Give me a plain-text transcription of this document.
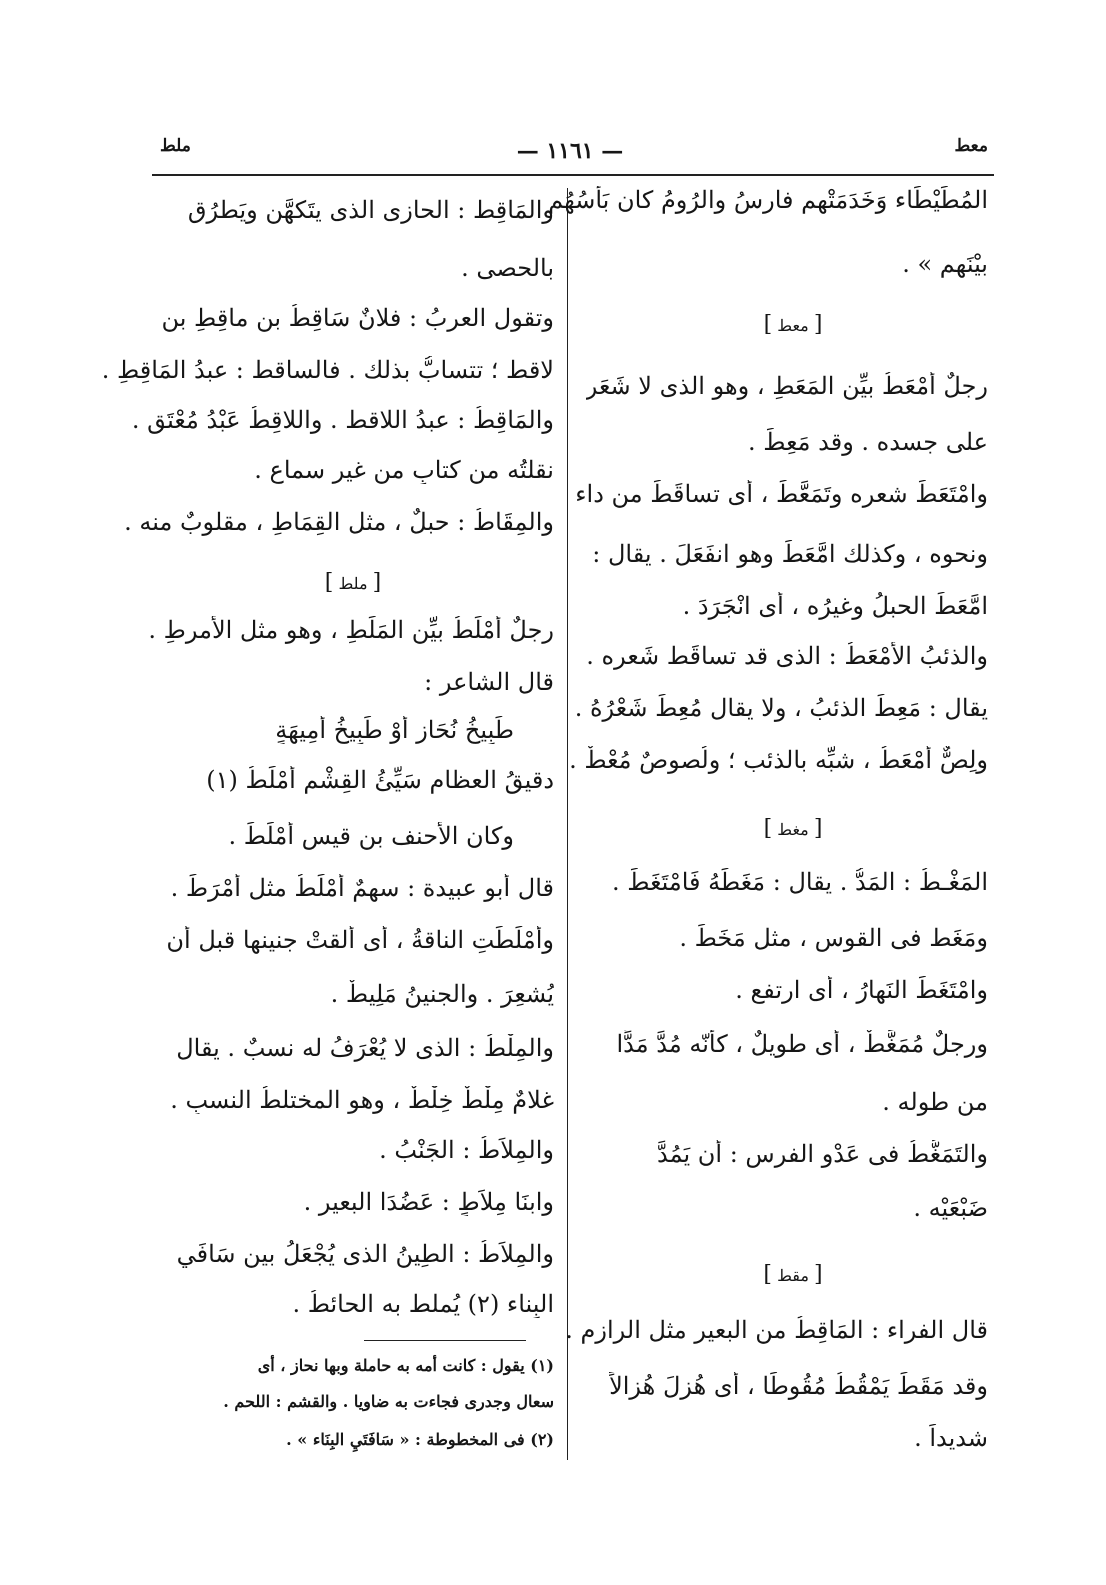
معط
— ١١٦١ —
ملط
المُطَيْطَاء وَخَدَمَتْهم فارسُ والرُومُ كان بَأْسُهُم
بيْنَهم » .
[ معط ]
رجلٌ أَمْعَطُ بيِّن المَعَطِ ، وهو الذى لا شَعَر
على جسده . وقد مَعِطَ .
وامْتَعَطَ شعره وتَمَعَّطَ ، أى تساقَطَ من داء
ونحوه ، وكذلك امَّعَطَ وهو انفَعَلَ . يقال :
امَّعَطَ الحبلُ وغيرُه ، أى انْجَرَدَ .
والذئبُ الأَمْعَطُ : الذى قد تساقَط شَعره .
يقال : مَعِطَ الذئبُ ، ولا يقال مُعِطَ شَعْرُهُ .
ولِصٌّ أَمْعَطُ ، شبِّه بالذئب ؛ ولُصوصٌ مُعْطٌ .
[ مغط ]
المَغْـطُ : المَدُّ . يقال : مَغَطَهُ فَامْتَغَطَ .
ومَغَط فى القوس ، مثل مَخَطَ .
وامْتَغَطَ النَهارُ ، أى ارتفع .
ورجلٌ مُمَغَّطٌ ، أى طويلٌ ، كأنّه مُدَّ مَدًّا
من طوله .
والتَمَغُّطُ فى عَدْوِ الفرسِ : أن يَمُدَّ
ضَبْعَيْه .
[ مقط ]
قال الفراء : المَاقِطُ من البعير مثل الرازم .
وقد مَقَطَ يَمْقُطُ مُقُوطًا ، أى هُزِلَ هُزالاً
شديداً .
والمَاقِط : الحازى الذى يتَكهَّن ويَطرُق
بالحصى .
وتقول العربُ : فلانٌ سَاقِطُ بن ماقِطِ بن
لاقط ؛ تتسابُّ بذلك . فالساقط : عبدُ المَاقِطِ .
والمَاقِطُ : عبدُ اللاقط . واللاقِطُ عَبْدُ مُعْتَقٍ .
نقلتُه من كتابٍ من غير سماعٍ .
والمِقَاطُ : حبلٌ ، مثل القِمَاطِ ، مقلوبٌ منه .
[ ملط ]
رجلٌ أَمْلَطُ بيِّن المَلَطِ ، وهو مثل الأمرطِ .
قال الشاعر :
طَبِيخُ نُحَازٍ أَوْ طَبِيخُ أَمِيهَةٍ
دقيقُ العظامِ سَيِّئُ القِشْمِ أَمْلَطُ (١)
وكان الأحنف بن قيس أَمْلَطَ .
قال أبو عبيدة : سهمٌ أَمْلَطُ مثل أَمْرَطَ .
وأَمْلَطَتِ الناقةُ ، أى ألقتْ جنينها قبل أن
يُشعِرَ . والجنينُ مَلِيطٌ .
والمِلْطُ : الذى لا يُعْرَفُ له نسبٌ . يقال
غلامٌ مِلْطٌ خِلْطٌ ، وهو المختلطُ النسبِ .
والمِلاَطُ : الجَنْبُ .
وابنَا مِلاَطٍ : عَضُدَا البعير .
والمِلاَطُ : الطِينُ الذى يُجْعَلُ بين سَافَيِ
البِناء (٢) يُملط به الحائطُ .
(١) يقول : كانت أمه به حاملة وبها نحاز ، أى
سعال وجدرى فجاءت به ضاويا . والقشم : اللحم .
(٢) فى المخطوطة : « سَافَتَيِ البِنَاء » .
